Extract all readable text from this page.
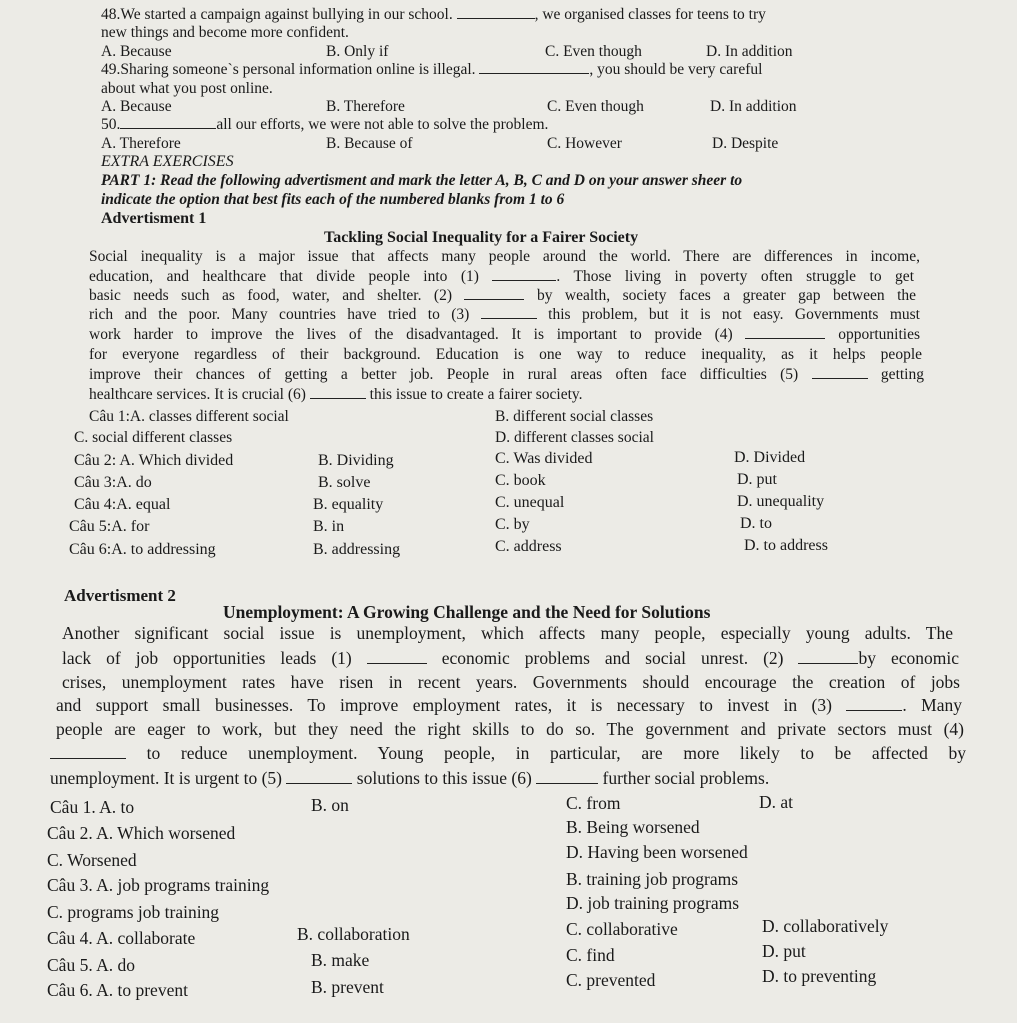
48.We started a campaign against bullying in our school.	, we organised classes for teens to try
new things and become more confident.
A. Because	B. Only if	C. Even though	D. In addition
49.Sharing someone`s personal information online is illegal.	, you should be very careful
about what you post online.
A. Because	B. Therefore	C. Even though	D. In addition
50.	all our efforts, we were not able to solve the problem.
A. Therefore	B. Because of	C. However	D. Despite
EXTRA EXERCISES
PART 1: Read the following advertisment and mark the letter A, B, C and D on your answer sheer to
indicate the option that best fits each of the numbered blanks from 1 to 6
Advertisment 1
Tackling Social Inequality for a Fairer Society
Social inequality is a major issue that affects many people around the world. There are differences in income,
education, and healthcare that divide people into (1)	. Those living in poverty often struggle to get
basic needs such as food, water, and shelter. (2)	by wealth, society faces a greater gap between the
rich and the poor. Many countries have tried to (3)	this problem, but it is not easy. Governments must
work harder to improve the lives of the disadvantaged. It is important to provide (4)	opportunities
for everyone regardless of their background. Education is one way to reduce inequality, as it helps people
improve their chances of getting a better job. People in rural areas often face difficulties (5)	getting
healthcare services. It is crucial (6)	this issue to create a fairer society.
Câu 1:A. classes different social	B. different social classes
C. social different classes	D. different classes social
Câu 2: A. Which divided	B. Dividing	C. Was divided	D. Divided
Câu 3:A. do	B. solve	C. book	D. put
Câu 4:A. equal	B. equality	C. unequal	D. unequality
Câu 5:A. for	B. in	C. by	D. to
Câu 6:A. to addressing	B. addressing	C. address	D. to address
Advertisment 2
Unemployment: A Growing Challenge and the Need for Solutions
Another significant social issue is unemployment, which affects many people, especially young adults. The
lack of job opportunities leads (1)	economic problems and social unrest. (2)	by economic
crises, unemployment rates have risen in recent years. Governments should encourage the creation of jobs
and support small businesses. To improve employment rates, it is necessary to invest in (3)	. Many
people are eager to work, but they need the right skills to do so. The government and private sectors must (4)
to reduce unemployment. Young people, in particular, are more likely to be affected by
unemployment. It is urgent to (5)	solutions to this issue (6)	further social problems.
Câu 1. A. to	B. on	C. from	D. at
Câu 2. A. Which worsened	B. Being worsened
C. Worsened	D. Having been worsened
Câu 3. A. job programs training	B. training job programs
C. programs job training	D. job training programs
Câu 4. A. collaborate	B. collaboration	C. collaborative	D. collaboratively
Câu 5. A. do	B. make	C. find	D. put
Câu 6. A. to prevent	B. prevent	C. prevented	D. to preventing
